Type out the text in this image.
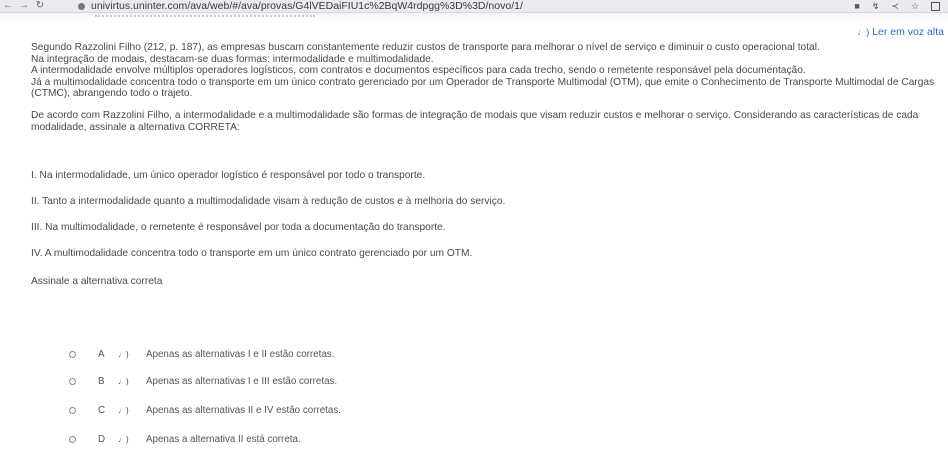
← → ↻	univirtus.uninter.com/ava/web/#/ava/provas/G4lVEDaiFIU1c%2BqW4rdpgg%3D%3D/novo/1/	■ ↯ ≺ ☆
♩) Ler em voz alta

Segundo Razzolini Filho (212, p. 187), as empresas buscam constantemente reduzir custos de transporte para melhorar o nível de serviço e diminuir o custo operacional total.

Na integração de modais, destacam-se duas formas: intermodalidade e multimodalidade.

A intermodalidade envolve múltiplos operadores logísticos, com contratos e documentos específicos para cada trecho, sendo o remetente responsável pela documentação.

Já a multimodalidade concentra todo o transporte em um único contrato gerenciado por um Operador de Transporte Multimodal (OTM), que emite o Conhecimento de Transporte Multimodal de Cargas

(CTMC), abrangendo todo o trajeto.

De acordo com Razzolini Filho, a intermodalidade e a multimodalidade são formas de integração de modais que visam reduzir custos e melhorar o serviço. Considerando as características de cada

modalidade, assinale a alternativa CORRETA:

I. Na intermodalidade, um único operador logístico é responsável por todo o transporte.
II. Tanto a intermodalidade quanto a multimodalidade visam à redução de custos e à melhoria do serviço.
III. Na multimodalidade, o remetente é responsável por toda a documentação do transporte.
IV. A multimodalidade concentra todo o transporte em um único contrato gerenciado por um OTM.
Assinale a alternativa correta
A	♩)	Apenas as alternativas I e II estão corretas.
B	♩)	Apenas as alternativas I e III estão corretas.
C	♩)	Apenas as alternativas II e IV estão corretas.
D	♩)	Apenas a alternativa II está correta.
